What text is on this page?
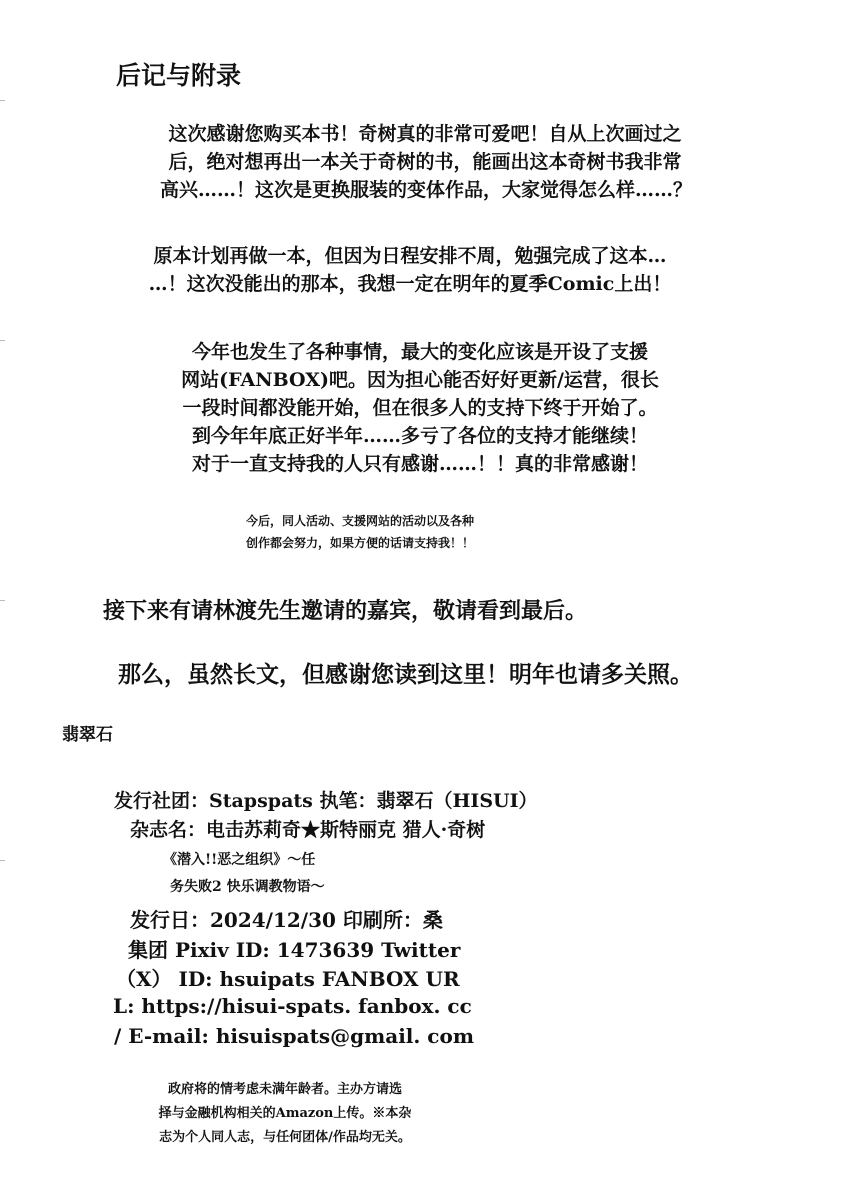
后记与附录
这次感谢您购买本书！奇树真的非常可爱吧！自从上次画过之
后，绝对想再出一本关于奇树的书，能画出这本奇树书我非常
高兴……！这次是更换服装的变体作品，大家觉得怎么样……？
原本计划再做一本，但因为日程安排不周，勉强完成了这本…
…！这次没能出的那本，我想一定在明年的夏季Comic上出！
今年也发生了各种事情，最大的变化应该是开设了支援
网站(FANBOX)吧。因为担心能否好好更新/运营，很长
一段时间都没能开始，但在很多人的支持下终于开始了。
到今年年底正好半年……多亏了各位的支持才能继续！
对于一直支持我的人只有感谢……！！真的非常感谢！
今后，同人活动、支援网站的活动以及各种
创作都会努力，如果方便的话请支持我！！
接下来有请林渡先生邀请的嘉宾，敬请看到最后。
那么，虽然长文，但感谢您读到这里！明年也请多关照。
翡翠石
发行社团：Stapspats 执笔：翡翠石（HISUI）
杂志名：电击苏莉奇★斯特丽克 猎人·奇树
《潜入!!恶之组织》～任
务失败2 快乐调教物语～
发行日：2024/12/30 印刷所：桑
集团 Pixiv ID: 1473639 Twitter
（X） ID: hsuipats FANBOX UR
L: https://hisui-spats. fanbox. cc
/ E-mail: hisuispats@gmail. com
政府将的情考虑未满年龄者。主办方请选
择与金融机构相关的Amazon上传。※本杂
志为个人同人志，与任何团体/作品均无关。
